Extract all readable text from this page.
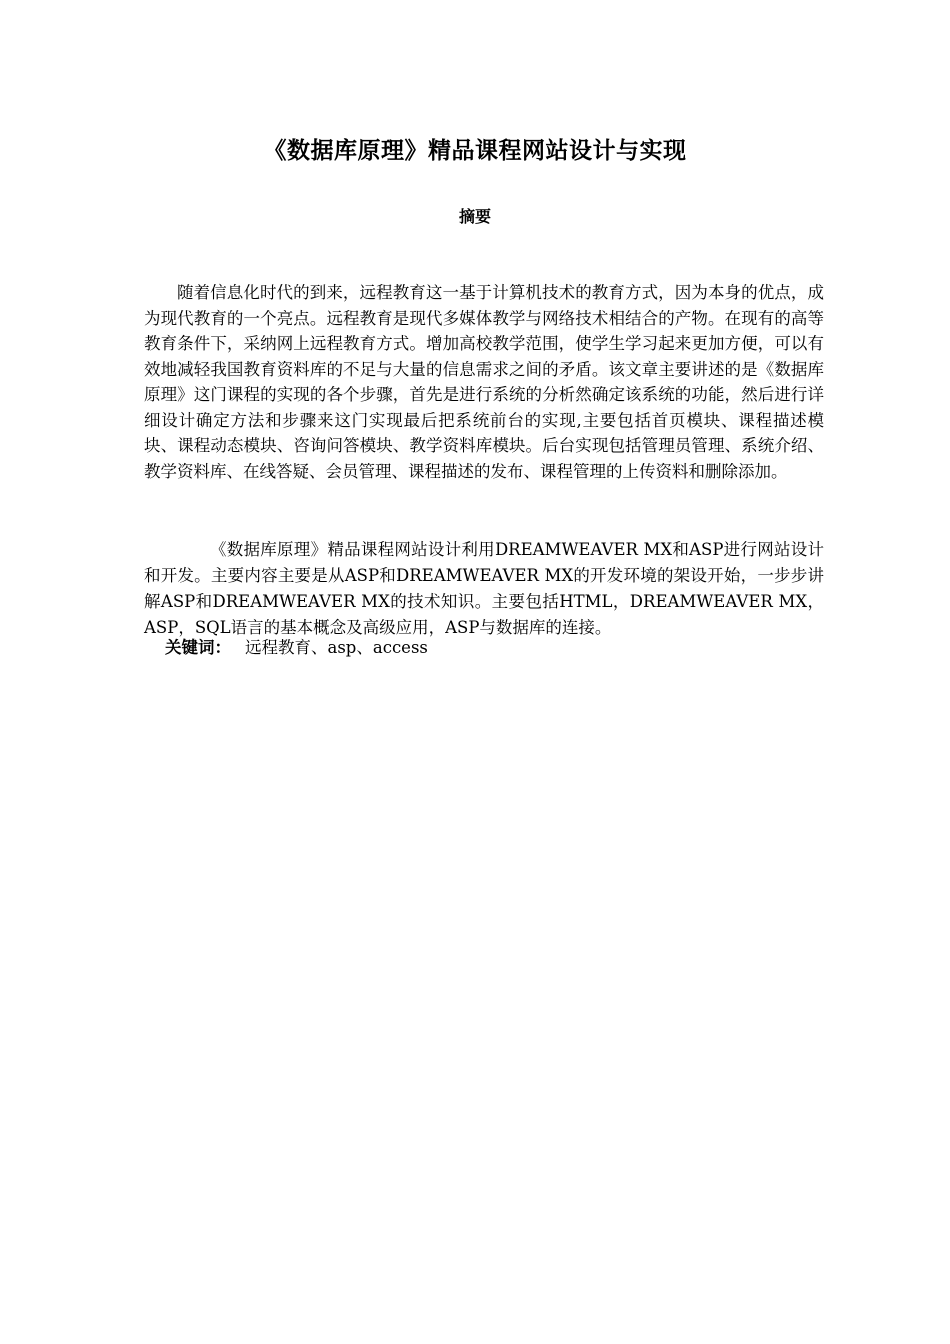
《数据库原理》精品课程网站设计与实现
摘要

随着信息化时代的到来，远程教育这一基于计算机技术的教育方式，因为本身的优点，成为现代教育的一个亮点。远程教育是现代多媒体教学与网络技术相结合的产物。在现有的高等教育条件下，采纳网上远程教育方式。增加高校教学范围，使学生学习起来更加方便，可以有效地减轻我国教育资料库的不足与大量的信息需求之间的矛盾。该文章主要讲述的是《数据库原理》这门课程的实现的各个步骤，首先是进行系统的分析然确定该系统的功能，然后进行详细设计确定方法和步骤来这门实现最后把系统前台的实现,主要包括首页模块、课程描述模块、课程动态模块、咨询问答模块、教学资料库模块。后台实现包括管理员管理、系统介绍、教学资料库、在线答疑、会员管理、课程描述的发布、课程管理的上传资料和删除添加。

《数据库原理》精品课程网站设计利用DREAMWEAVER MX和ASP进行网站设计和开发。主要内容主要是从ASP和DREAMWEAVER MX的开发环境的架设开始，一步步讲解ASP和DREAMWEAVER MX的技术知识。主要包括HTML，DREAMWEAVER MX，ASP，SQL语言的基本概念及高级应用，ASP与数据库的连接。

关键词： 远程教育、asp、access
